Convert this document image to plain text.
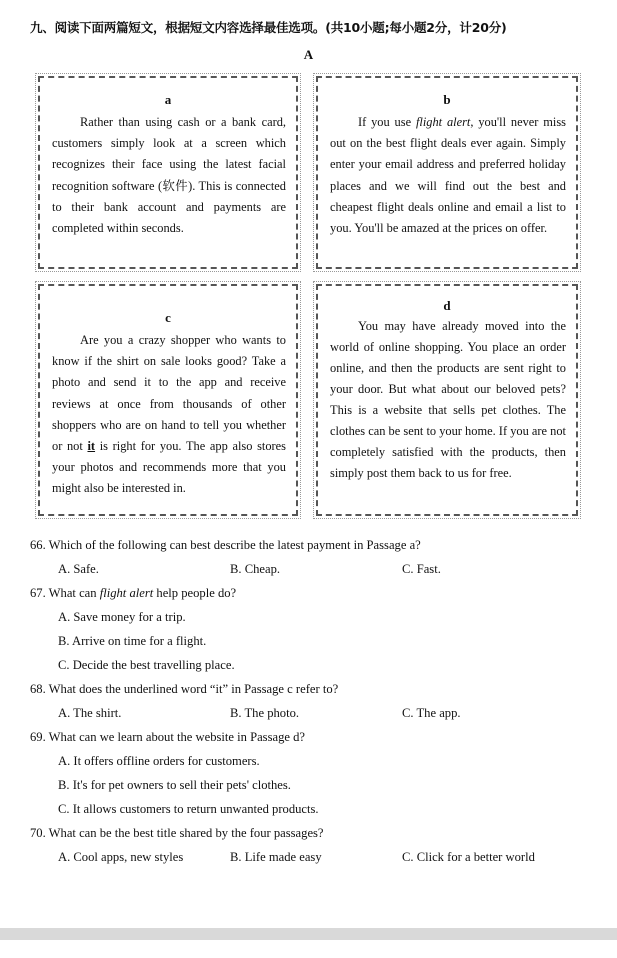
九、阅读下面两篇短文，根据短文内容选择最佳选项。(共10小题;每小题2分，计20分)
A
a
Rather than using cash or a bank card, customers simply look at a screen which recognizes their face using the latest facial recognition software (软件). This is connected to their bank account and payments are completed within seconds.
b
If you use flight alert, you'll never miss out on the best flight deals ever again. Simply enter your email address and preferred holiday places and we will find out the best and cheapest flight deals online and email a list to you. You'll be amazed at the prices on offer.
c
Are you a crazy shopper who wants to know if the shirt on sale looks good? Take a photo and send it to the app and receive reviews at once from thousands of other shoppers who are on hand to tell you whether or not it is right for you. The app also stores your photos and recommends more that you might also be interested in.
d
You may have already moved into the world of online shopping. You place an order online, and then the products are sent right to your door. But what about our beloved pets? This is a website that sells pet clothes. The clothes can be sent to your home. If you are not completely satisfied with the products, then simply post them back to us for free.
66. Which of the following can best describe the latest payment in Passage a?
A. Safe.	B. Cheap.	C. Fast.
67. What can flight alert help people do?
A. Save money for a trip.
B. Arrive on time for a flight.
C. Decide the best travelling place.
68. What does the underlined word “it” in Passage c refer to?
A. The shirt.	B. The photo.	C. The app.
69. What can we learn about the website in Passage d?
A. It offers offline orders for customers.
B. It's for pet owners to sell their pets' clothes.
C. It allows customers to return unwanted products.
70. What can be the best title shared by the four passages?
A. Cool apps, new styles	B. Life made easy	C. Click for a better world
